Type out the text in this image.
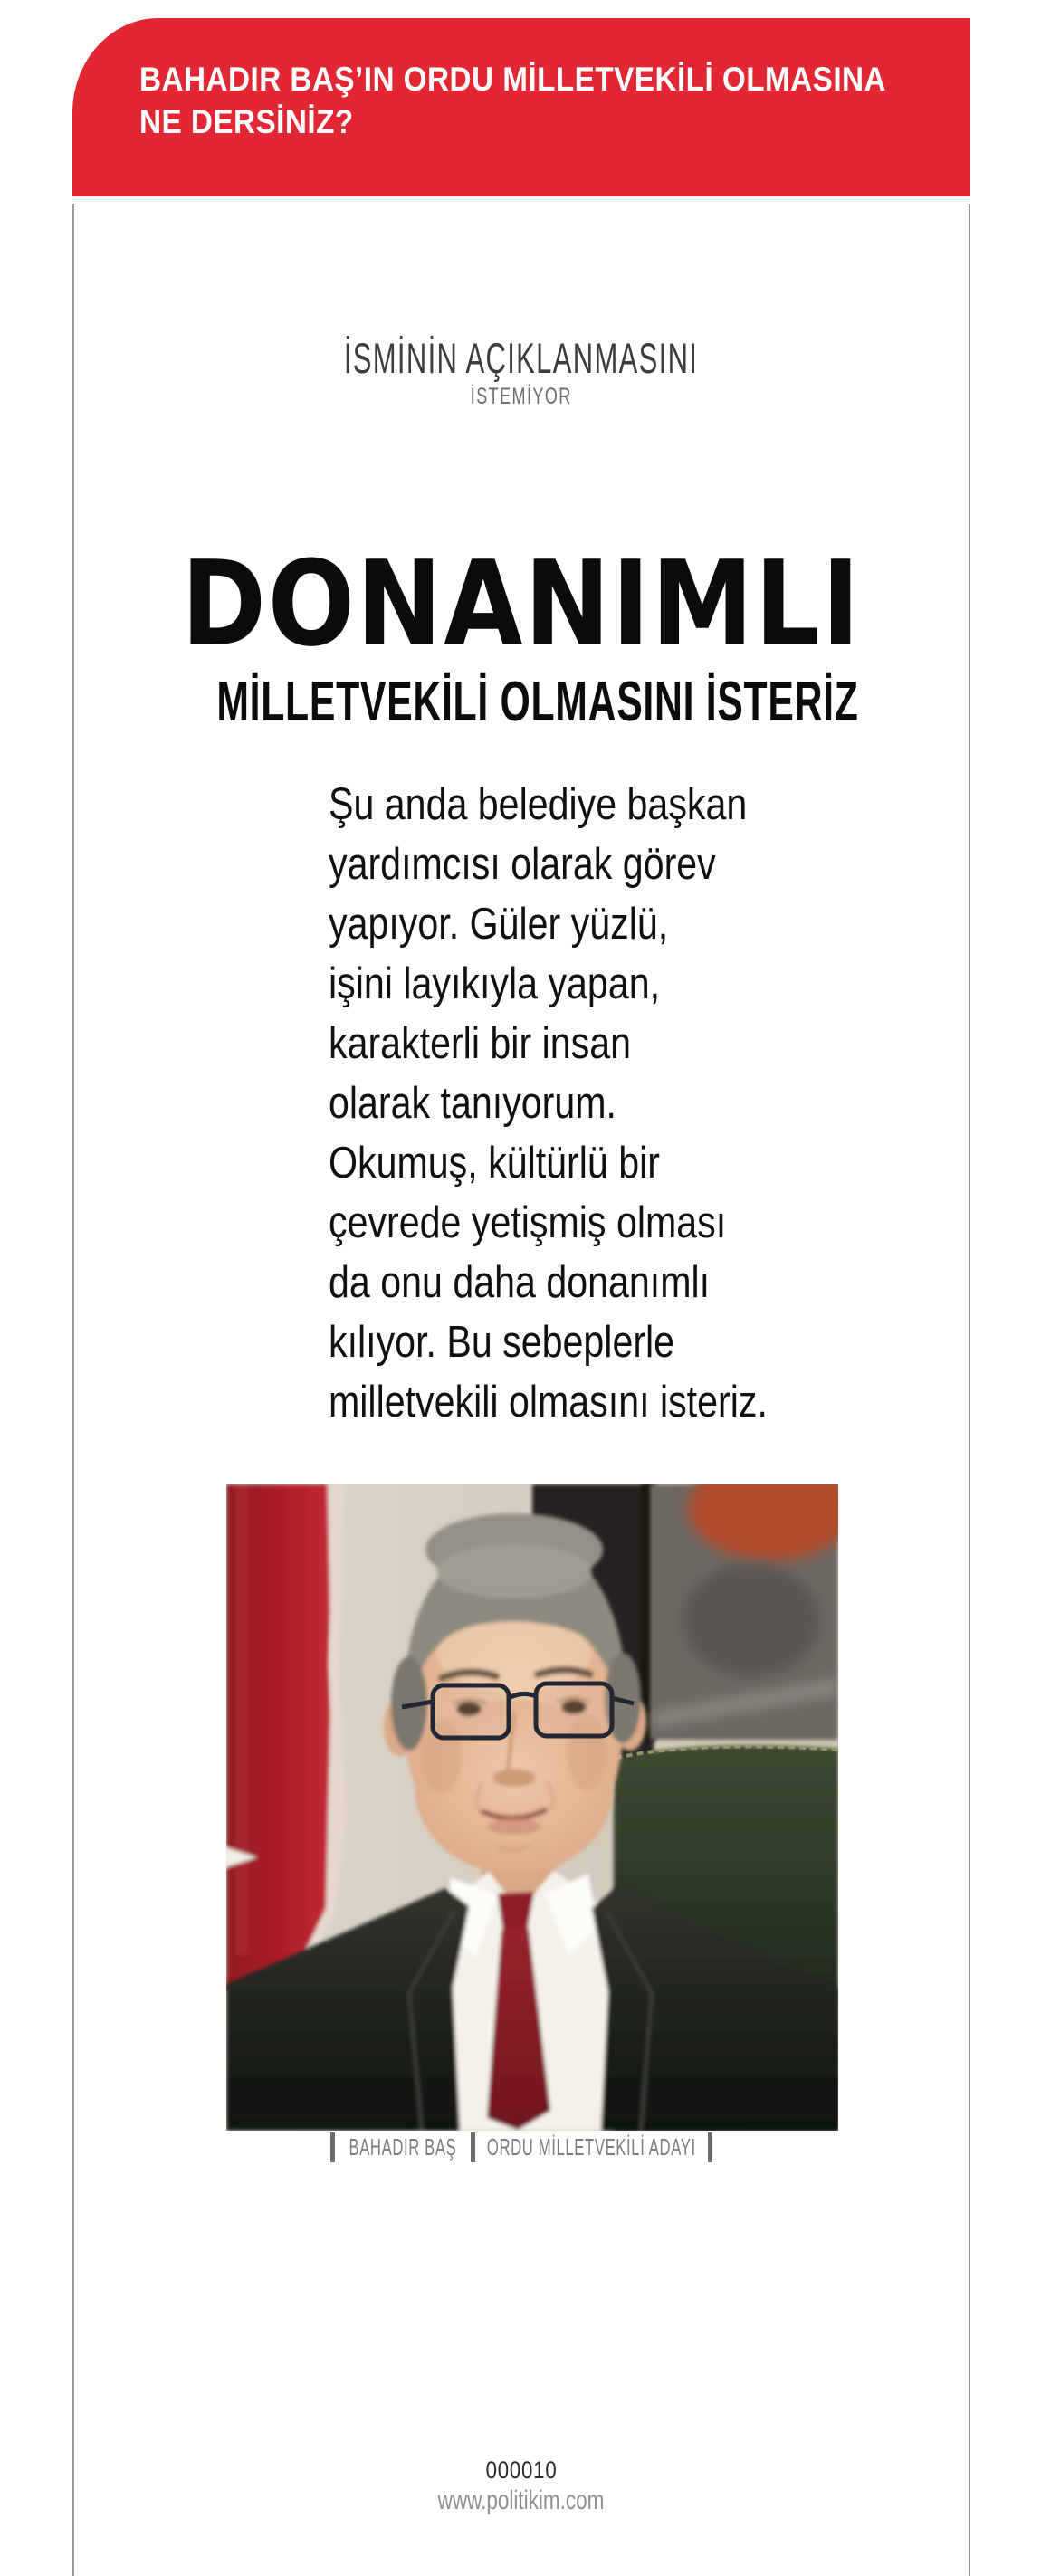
BAHADIR BAŞ’IN ORDU MİLLETVEKİLİ OLMASINA
NE DERSİNİZ?
İSMİNİN AÇIKLANMASINI
İSTEMİYOR
DONANIMLI
MİLLETVEKİLİ OLMASINI İSTERİZ
Şu anda belediye başkan
yardımcısı olarak görev
yapıyor. Güler yüzlü,
işini layıkıyla yapan,
karakterli bir insan
olarak tanıyorum.
Okumuş, kültürlü bir
çevrede yetişmiş olması
da onu daha donanımlı
kılıyor. Bu sebeplerle
milletvekili olmasını isteriz.
BAHADIR BAŞ ORDU MİLLETVEKİLİ ADAYI
000010
www.politikim.com
